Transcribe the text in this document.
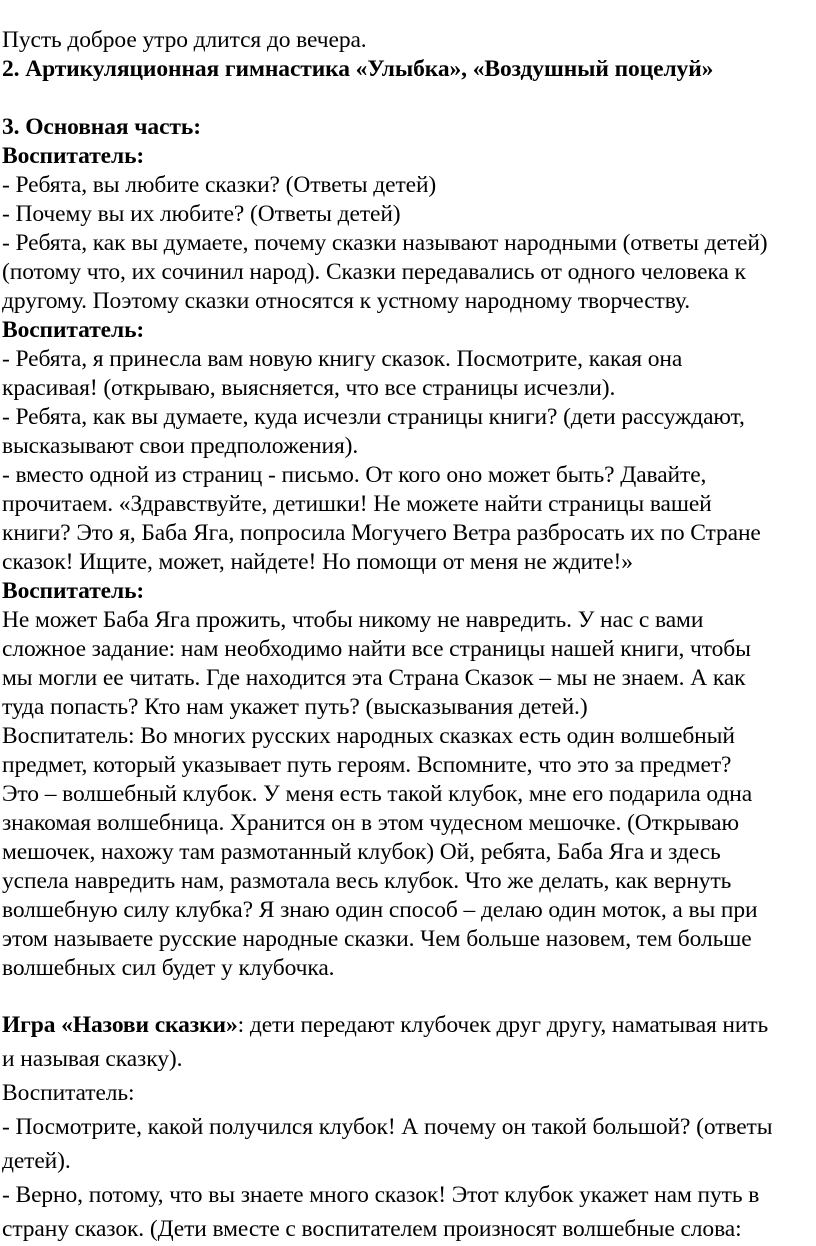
Пусть доброе утро длится до вечера.
2. Артикуляционная гимнастика «Улыбка», «Воздушный поцелуй»
3. Основная часть:
Воспитатель:
- Ребята, вы любите сказки? (Ответы детей)
- Почему вы их любите? (Ответы детей)
- Ребята, как вы думаете, почему сказки называют народными (ответы детей)
(потому что, их сочинил народ). Сказки передавались от одного человека к
другому. Поэтому сказки относятся к устному народному творчеству.
Воспитатель:
- Ребята, я принесла вам новую книгу сказок. Посмотрите, какая она
красивая! (открываю, выясняется, что все страницы исчезли).
- Ребята, как вы думаете, куда исчезли страницы книги? (дети рассуждают,
высказывают свои предположения).
- вместо одной из страниц - письмо. От кого оно может быть? Давайте,
прочитаем. «Здравствуйте, детишки! Не можете найти страницы вашей
книги? Это я, Баба Яга, попросила Могучего Ветра разбросать их по Стране
сказок! Ищите, может, найдете! Но помощи от меня не ждите!»
Воспитатель:
Не может Баба Яга прожить, чтобы никому не навредить. У нас с вами
сложное задание: нам необходимо найти все страницы нашей книги, чтобы
мы могли ее читать. Где находится эта Страна Сказок – мы не знаем. А как
туда попасть? Кто нам укажет путь? (высказывания детей.)
Воспитатель: Во многих русских народных сказках есть один волшебный
предмет, который указывает путь героям. Вспомните, что это за предмет?
Это – волшебный клубок. У меня есть такой клубок, мне его подарила одна
знакомая волшебница. Хранится он в этом чудесном мешочке. (Открываю
мешочек, нахожу там размотанный клубок) Ой, ребята, Баба Яга и здесь
успела навредить нам, размотала весь клубок. Что же делать, как вернуть
волшебную силу клубка? Я знаю один способ – делаю один моток, а вы при
этом называете русские народные сказки. Чем больше назовем, тем больше
волшебных сил будет у клубочка.
Игра «Назови сказки»: дети передают клубочек друг другу, наматывая нить
и называя сказку).
Воспитатель:
- Посмотрите, какой получился клубок! А почему он такой большой? (ответы
детей).
- Верно, потому, что вы знаете много сказок! Этот клубок укажет нам путь в
страну сказок. (Дети вместе с воспитателем произносят волшебные слова:
